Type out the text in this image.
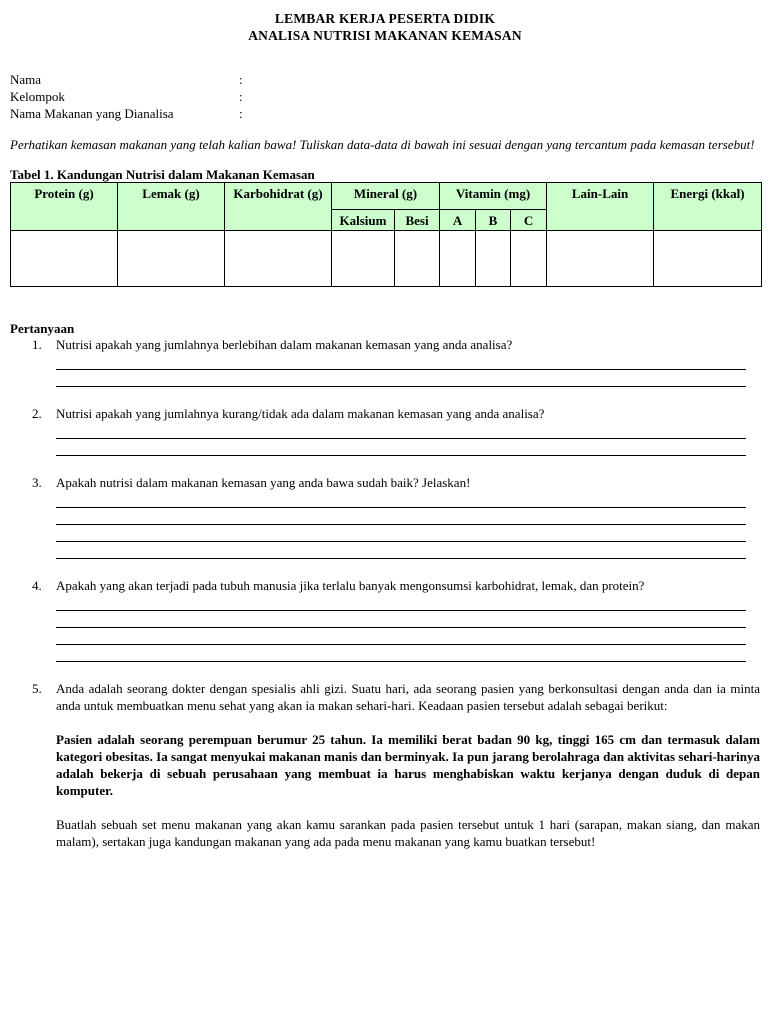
LEMBAR KERJA PESERTA DIDIK
ANALISA NUTRISI MAKANAN KEMASAN
Nama	:
Kelompok	:
Nama Makanan yang Dianalisa	:
Perhatikan kemasan makanan yang telah kalian bawa! Tuliskan data-data di bawah ini sesuai dengan yang tercantum pada kemasan tersebut!
Tabel 1. Kandungan Nutrisi dalam Makanan Kemasan
Protein (g)	Lemak (g)	Karbohidrat (g)	Mineral (g)		Vitamin (mg)			Lain-Lain	Energi (kkal)
			Kalsium	Besi	A	B	C		

Pertanyaan
1. Nutrisi apakah yang jumlahnya berlebihan dalam makanan kemasan yang anda analisa?
2. Nutrisi apakah yang jumlahnya kurang/tidak ada dalam makanan kemasan yang anda analisa?
3. Apakah nutrisi dalam makanan kemasan yang anda bawa sudah baik? Jelaskan!
4. Apakah yang akan terjadi pada tubuh manusia jika terlalu banyak mengonsumsi karbohidrat, lemak, dan protein?
5. Anda adalah seorang dokter dengan spesialis ahli gizi. Suatu hari, ada seorang pasien yang berkonsultasi dengan anda dan ia minta anda untuk membuatkan menu sehat yang akan ia makan sehari-hari. Keadaan pasien tersebut adalah sebagai berikut:
Pasien adalah seorang perempuan berumur 25 tahun. Ia memiliki berat badan 90 kg, tinggi 165 cm dan termasuk dalam kategori obesitas. Ia sangat menyukai makanan manis dan berminyak. Ia pun jarang berolahraga dan aktivitas sehari-harinya adalah bekerja di sebuah perusahaan yang membuat ia harus menghabiskan waktu kerjanya dengan duduk di depan komputer.
Buatlah sebuah set menu makanan yang akan kamu sarankan pada pasien tersebut untuk 1 hari (sarapan, makan siang, dan makan malam), sertakan juga kandungan makanan yang ada pada menu makanan yang kamu buatkan tersebut!
